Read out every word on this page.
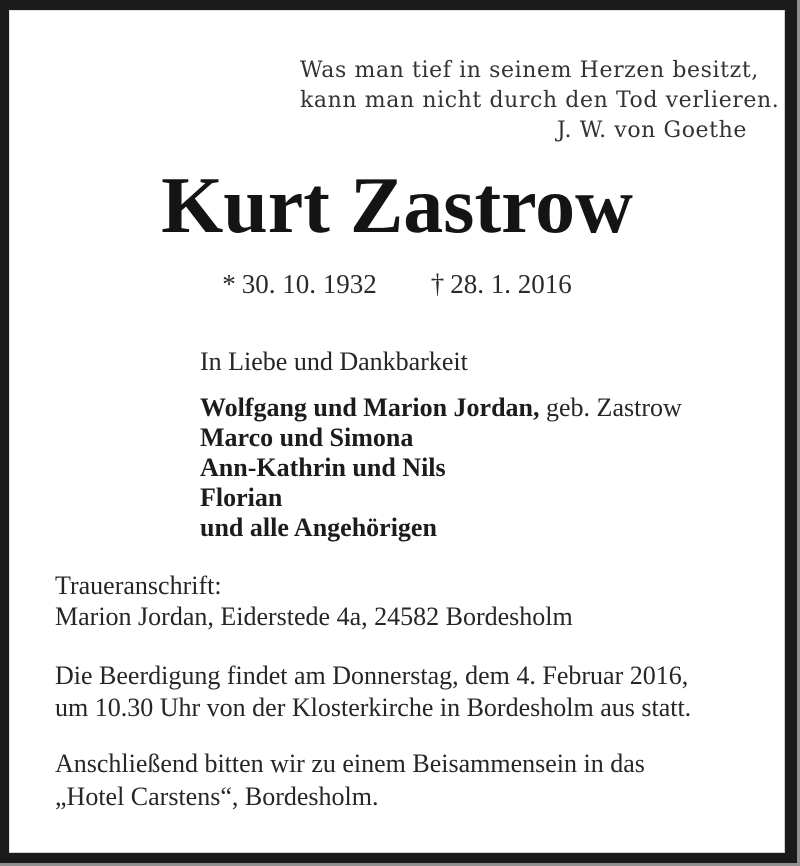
Was man tief in seinem Herzen besitzt,
kann man nicht durch den Tod verlieren.
J. W. von Goethe
Kurt Zastrow
* 30. 10. 1932 † 28. 1. 2016
In Liebe und Dankbarkeit
Wolfgang und Marion Jordan, geb. Zastrow
Marco und Simona
Ann-Kathrin und Nils
Florian
und alle Angehörigen
Traueranschrift:
Marion Jordan, Eiderstede 4a, 24582 Bordesholm
Die Beerdigung findet am Donnerstag, dem 4. Februar 2016,
um 10.30 Uhr von der Klosterkirche in Bordesholm aus statt.
Anschließend bitten wir zu einem Beisammensein in das
„Hotel Carstens“, Bordesholm.
